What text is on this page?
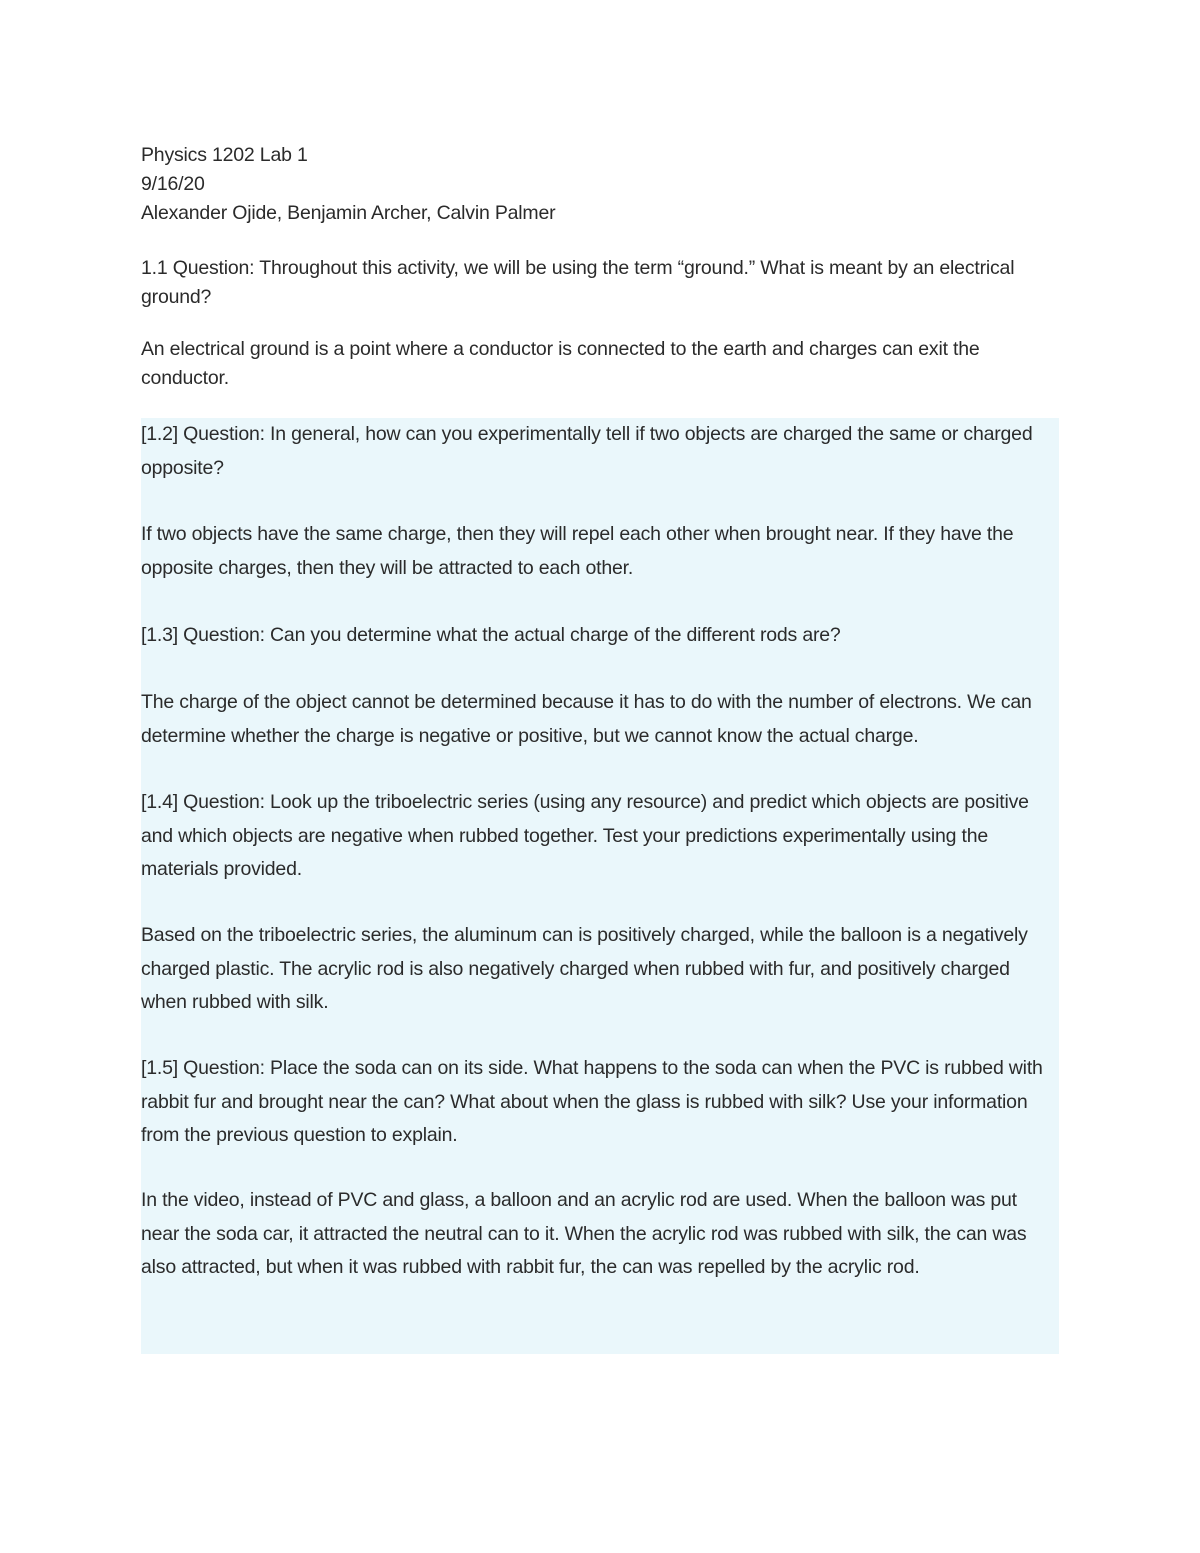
Physics 1202 Lab 1
9/16/20
Alexander Ojide, Benjamin Archer, Calvin Palmer

1.1 Question: Throughout this activity, we will be using the term “ground.” What is meant by an electrical ground?

An electrical ground is a point where a conductor is connected to the earth and charges can exit the conductor.

[1.2] Question: In general, how can you experimentally tell if two objects are charged the same or charged opposite?

If two objects have the same charge, then they will repel each other when brought near. If they have the opposite charges, then they will be attracted to each other.

[1.3] Question: Can you determine what the actual charge of the different rods are?

The charge of the object cannot be determined because it has to do with the number of electrons. We can determine whether the charge is negative or positive, but we cannot know the actual charge.

[1.4] Question: Look up the triboelectric series (using any resource) and predict which objects are positive and which objects are negative when rubbed together. Test your predictions experimentally using the materials provided.

Based on the triboelectric series, the aluminum can is positively charged, while the balloon is a negatively charged plastic. The acrylic rod is also negatively charged when rubbed with fur, and positively charged when rubbed with silk.

[1.5] Question: Place the soda can on its side. What happens to the soda can when the PVC is rubbed with rabbit fur and brought near the can? What about when the glass is rubbed with silk? Use your information from the previous question to explain.

In the video, instead of PVC and glass, a balloon and an acrylic rod are used. When the balloon was put near the soda car, it attracted the neutral can to it. When the acrylic rod was rubbed with silk, the can was also attracted, but when it was rubbed with rabbit fur, the can was repelled by the acrylic rod.
